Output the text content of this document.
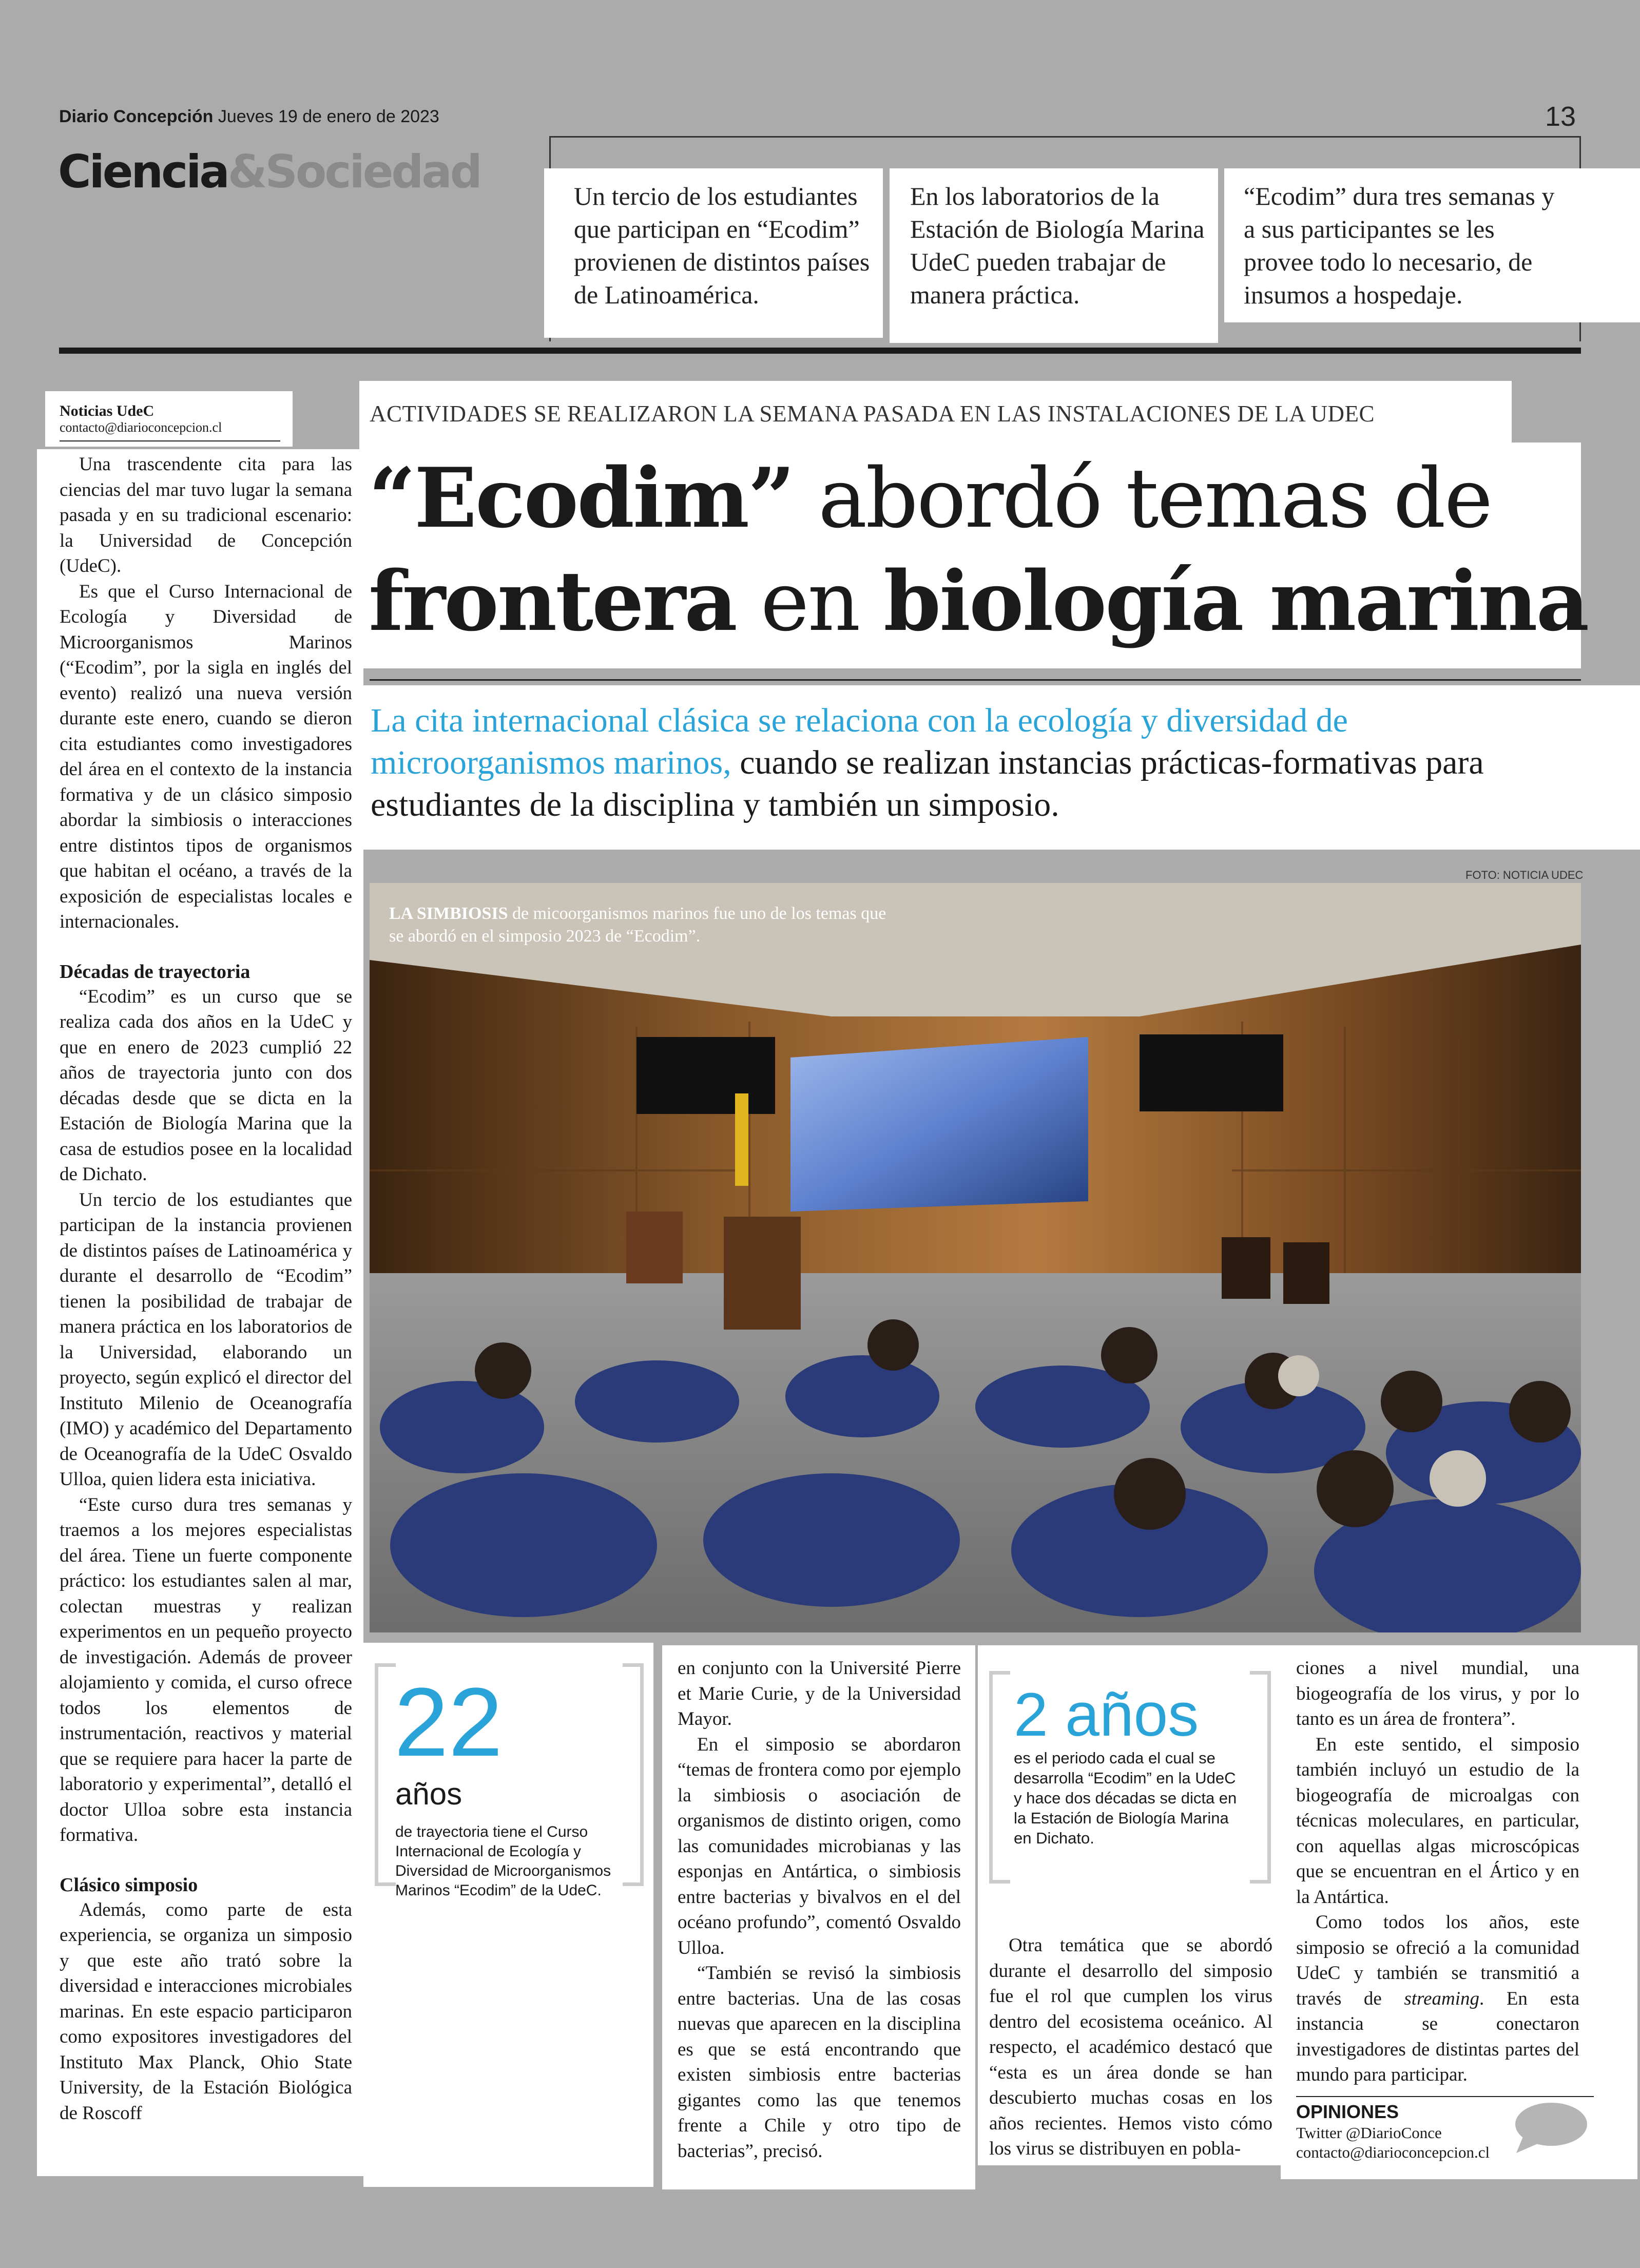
Diario Concepción Jueves 19 de enero de 2023	13
Ciencia&Sociedad	Un tercio de los estudiantes que participan en “Ecodim” provienen de distintos países de Latinoamérica.

En los laboratorios de la Estación de Biología Marina UdeC pueden trabajar de manera práctica.

“Ecodim” dura tres semanas y a sus participantes se les provee todo lo necesario, de insumos a hospedaje.

Noticias UdeC
contacto@diarioconcepcion.cl

Una trascendente cita para las ciencias del mar tuvo lugar la semana pasada y en su tradicional escenario: la Universidad de Concepción (UdeC).

Es que el Curso Internacional de Ecología y Diversidad de Microorganismos Marinos (“Ecodim”, por la sigla en inglés del evento) realizó una nueva versión durante este enero, cuando se dieron cita estudiantes como investigadores del área en el contexto de la instancia formativa y de un clásico simposio abordar la simbiosis o interacciones entre distintos tipos de organismos que habitan el océano, a través de la exposición de especialistas locales e internacionales.

Décadas de trayectoria

“Ecodim” es un curso que se realiza cada dos años en la UdeC y que en enero de 2023 cumplió 22 años de trayectoria junto con dos décadas desde que se dicta en la Estación de Biología Marina que la casa de estudios posee en la localidad de Dichato.

Un tercio de los estudiantes que participan de la instancia provienen de distintos países de Latinoamérica y durante el desarrollo de “Ecodim” tienen la posibilidad de trabajar de manera práctica en los laboratorios de la Universidad, elaborando un proyecto, según explicó el director del Instituto Milenio de Oceanografía (IMO) y académico del Departamento de Oceanografía de la UdeC Osvaldo Ulloa, quien lidera esta iniciativa.

“Este curso dura tres semanas y traemos a los mejores especialistas del área. Tiene un fuerte componente práctico: los estudiantes salen al mar, colectan muestras y realizan experimentos en un pequeño proyecto de investigación. Además de proveer alojamiento y comida, el curso ofrece todos los elementos de instrumentación, reactivos y material que se requiere para hacer la parte de laboratorio y experimental”, detalló el doctor Ulloa sobre esta instancia formativa.

Clásico simposio

Además, como parte de esta experiencia, se organiza un simposio y que este año trató sobre la diversidad e interacciones microbiales marinas. En este espacio participaron como expositores investigadores del Instituto Max Planck, Ohio State University, de la Estación Biológica de Roscoff

ACTIVIDADES SE REALIZARON LA SEMANA PASADA EN LAS INSTALACIONES DE LA UDEC
“Ecodim” abordó temas de
frontera en biología marina

La cita internacional clásica se relaciona con la ecología y diversidad de microorganismos marinos, cuando se realizan instancias prácticas-formativas para estudiantes de la disciplina y también un simposio.

FOTO: NOTICIA UDEC
LA SIMBIOSIS de micoorganismos marinos fue uno de los temas que se abordó en el simposio 2023 de “Ecodim”.
22
años
de trayectoria tiene el Curso Internacional de Ecología y Diversidad de Microorganismos Marinos “Ecodim” de la UdeC.

en conjunto con la Université Pierre et Marie Curie, y de la Universidad Mayor.

En el simposio se abordaron “temas de frontera como por ejemplo la simbiosis o asociación de organismos de distinto origen, como las comunidades microbianas y las esponjas en Antártica, o simbiosis entre bacterias y bivalvos en el del océano profundo”, comentó Osvaldo Ulloa.

“También se revisó la simbiosis entre bacterias. Una de las cosas nuevas que aparecen en la disciplina es que se está encontrando que existen simbiosis entre bacterias gigantes como las que tenemos frente a Chile y otro tipo de bacterias”, precisó.

2 años
es el periodo cada el cual se desarrolla “Ecodim” en la UdeC y hace dos décadas se dicta en la Estación de Biología Marina en Dichato.

Otra temática que se abordó durante el desarrollo del simposio fue el rol que cumplen los virus dentro del ecosistema oceánico. Al respecto, el académico destacó que “esta es un área donde se han descubierto muchas cosas en los años recientes. Hemos visto cómo los virus se distribuyen en pobla-

ciones a nivel mundial, una biogeografía de los virus, y por lo tanto es un área de frontera”.

En este sentido, el simposio también incluyó un estudio de la biogeografía de microalgas con técnicas moleculares, en particular, con aquellas algas microscópicas que se encuentran en el Ártico y en la Antártica.

Como todos los años, este simposio se ofreció a la comunidad UdeC y también se transmitió a través de streaming. En esta instancia se conectaron investigadores de distintas partes del mundo para participar.

OPINIONES
Twitter @DiarioConce
contacto@diarioconcepcion.cl
